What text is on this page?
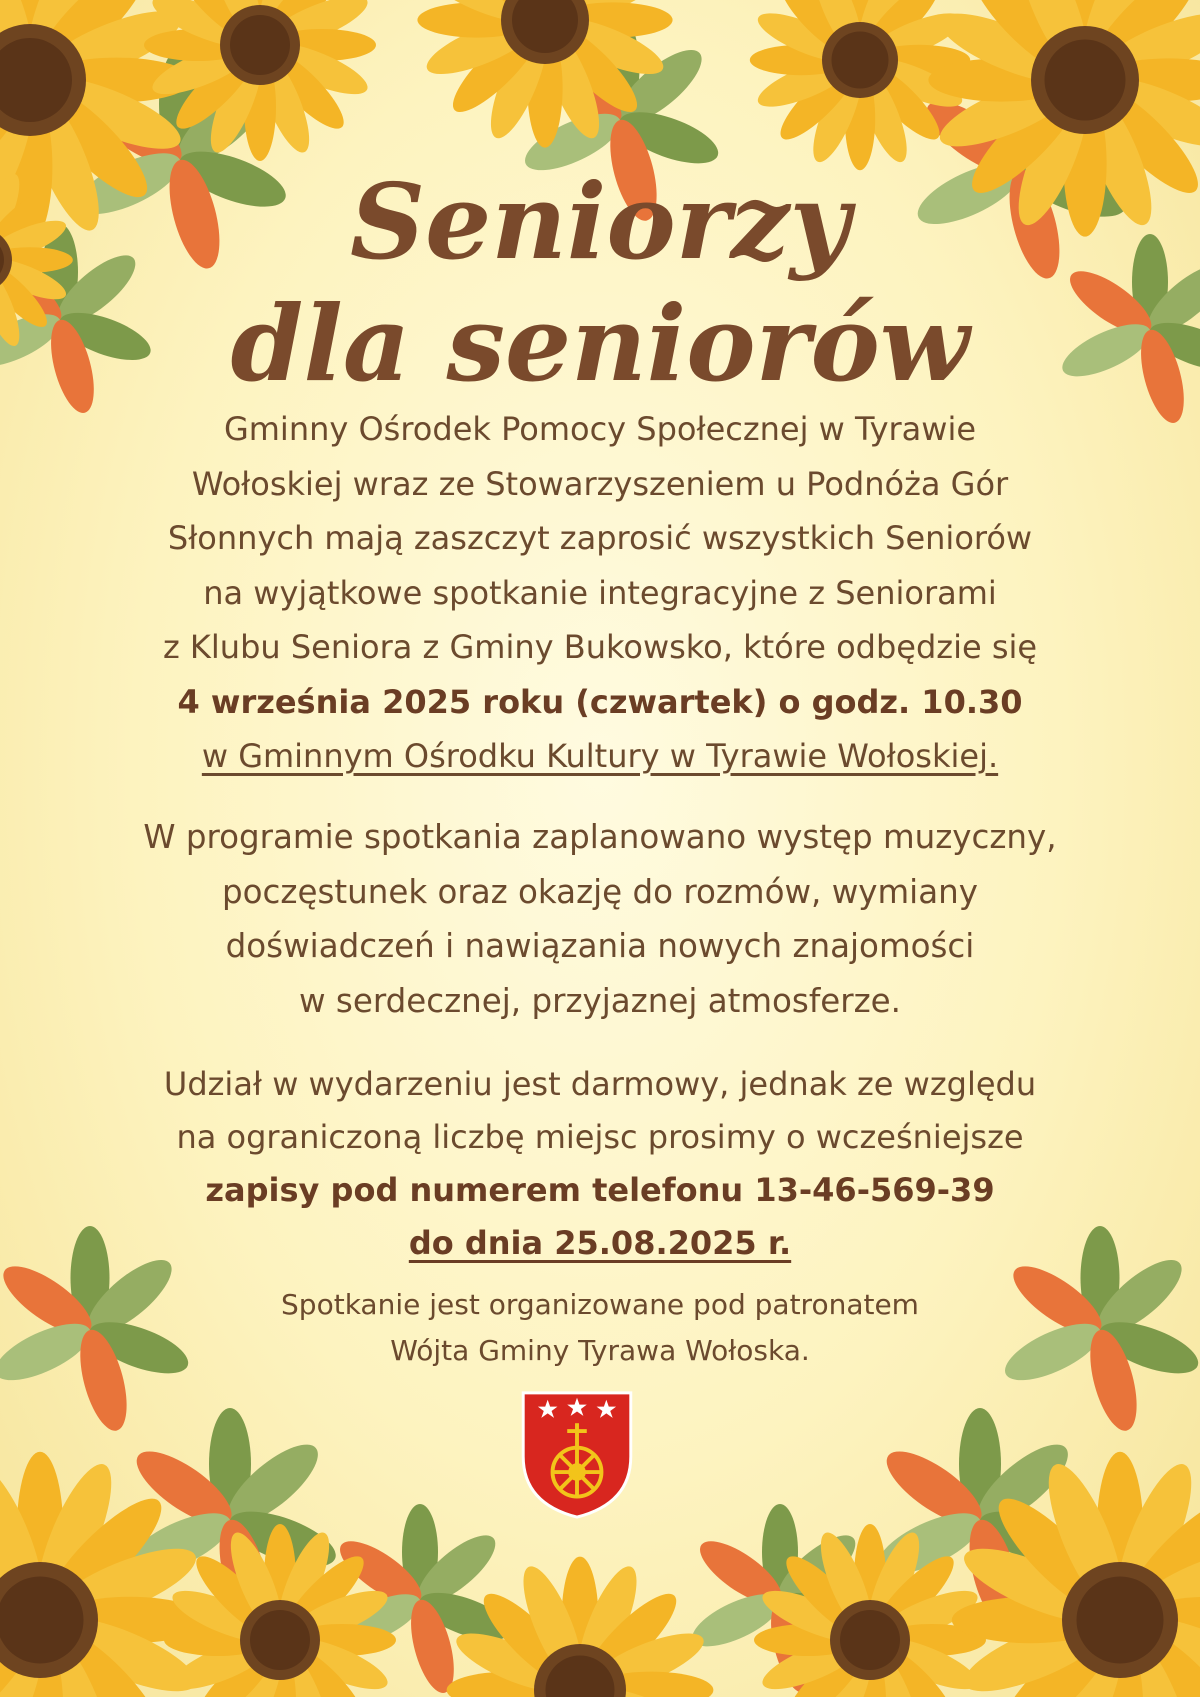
Seniorzy
dla seniorów
Gminny Ośrodek Pomocy Społecznej w Tyrawie
Wołoskiej wraz ze Stowarzyszeniem u Podnóża Gór
Słonnych mają zaszczyt zaprosić wszystkich Seniorów
na wyjątkowe spotkanie integracyjne z Seniorami
z Klubu Seniora z Gminy Bukowsko, które odbędzie się
4 września 2025 roku (czwartek) o godz. 10.30
w Gminnym Ośrodku Kultury w Tyrawie Wołoskiej.
W programie spotkania zaplanowano występ muzyczny,
poczęstunek oraz okazję do rozmów, wymiany
doświadczeń i nawiązania nowych znajomości
w serdecznej, przyjaznej atmosferze.
Udział w wydarzeniu jest darmowy, jednak ze względu
na ograniczoną liczbę miejsc prosimy o wcześniejsze
zapisy pod numerem telefonu 13-46-569-39
do dnia 25.08.2025 r.
Spotkanie jest organizowane pod patronatem
Wójta Gminy Tyrawa Wołoska.
